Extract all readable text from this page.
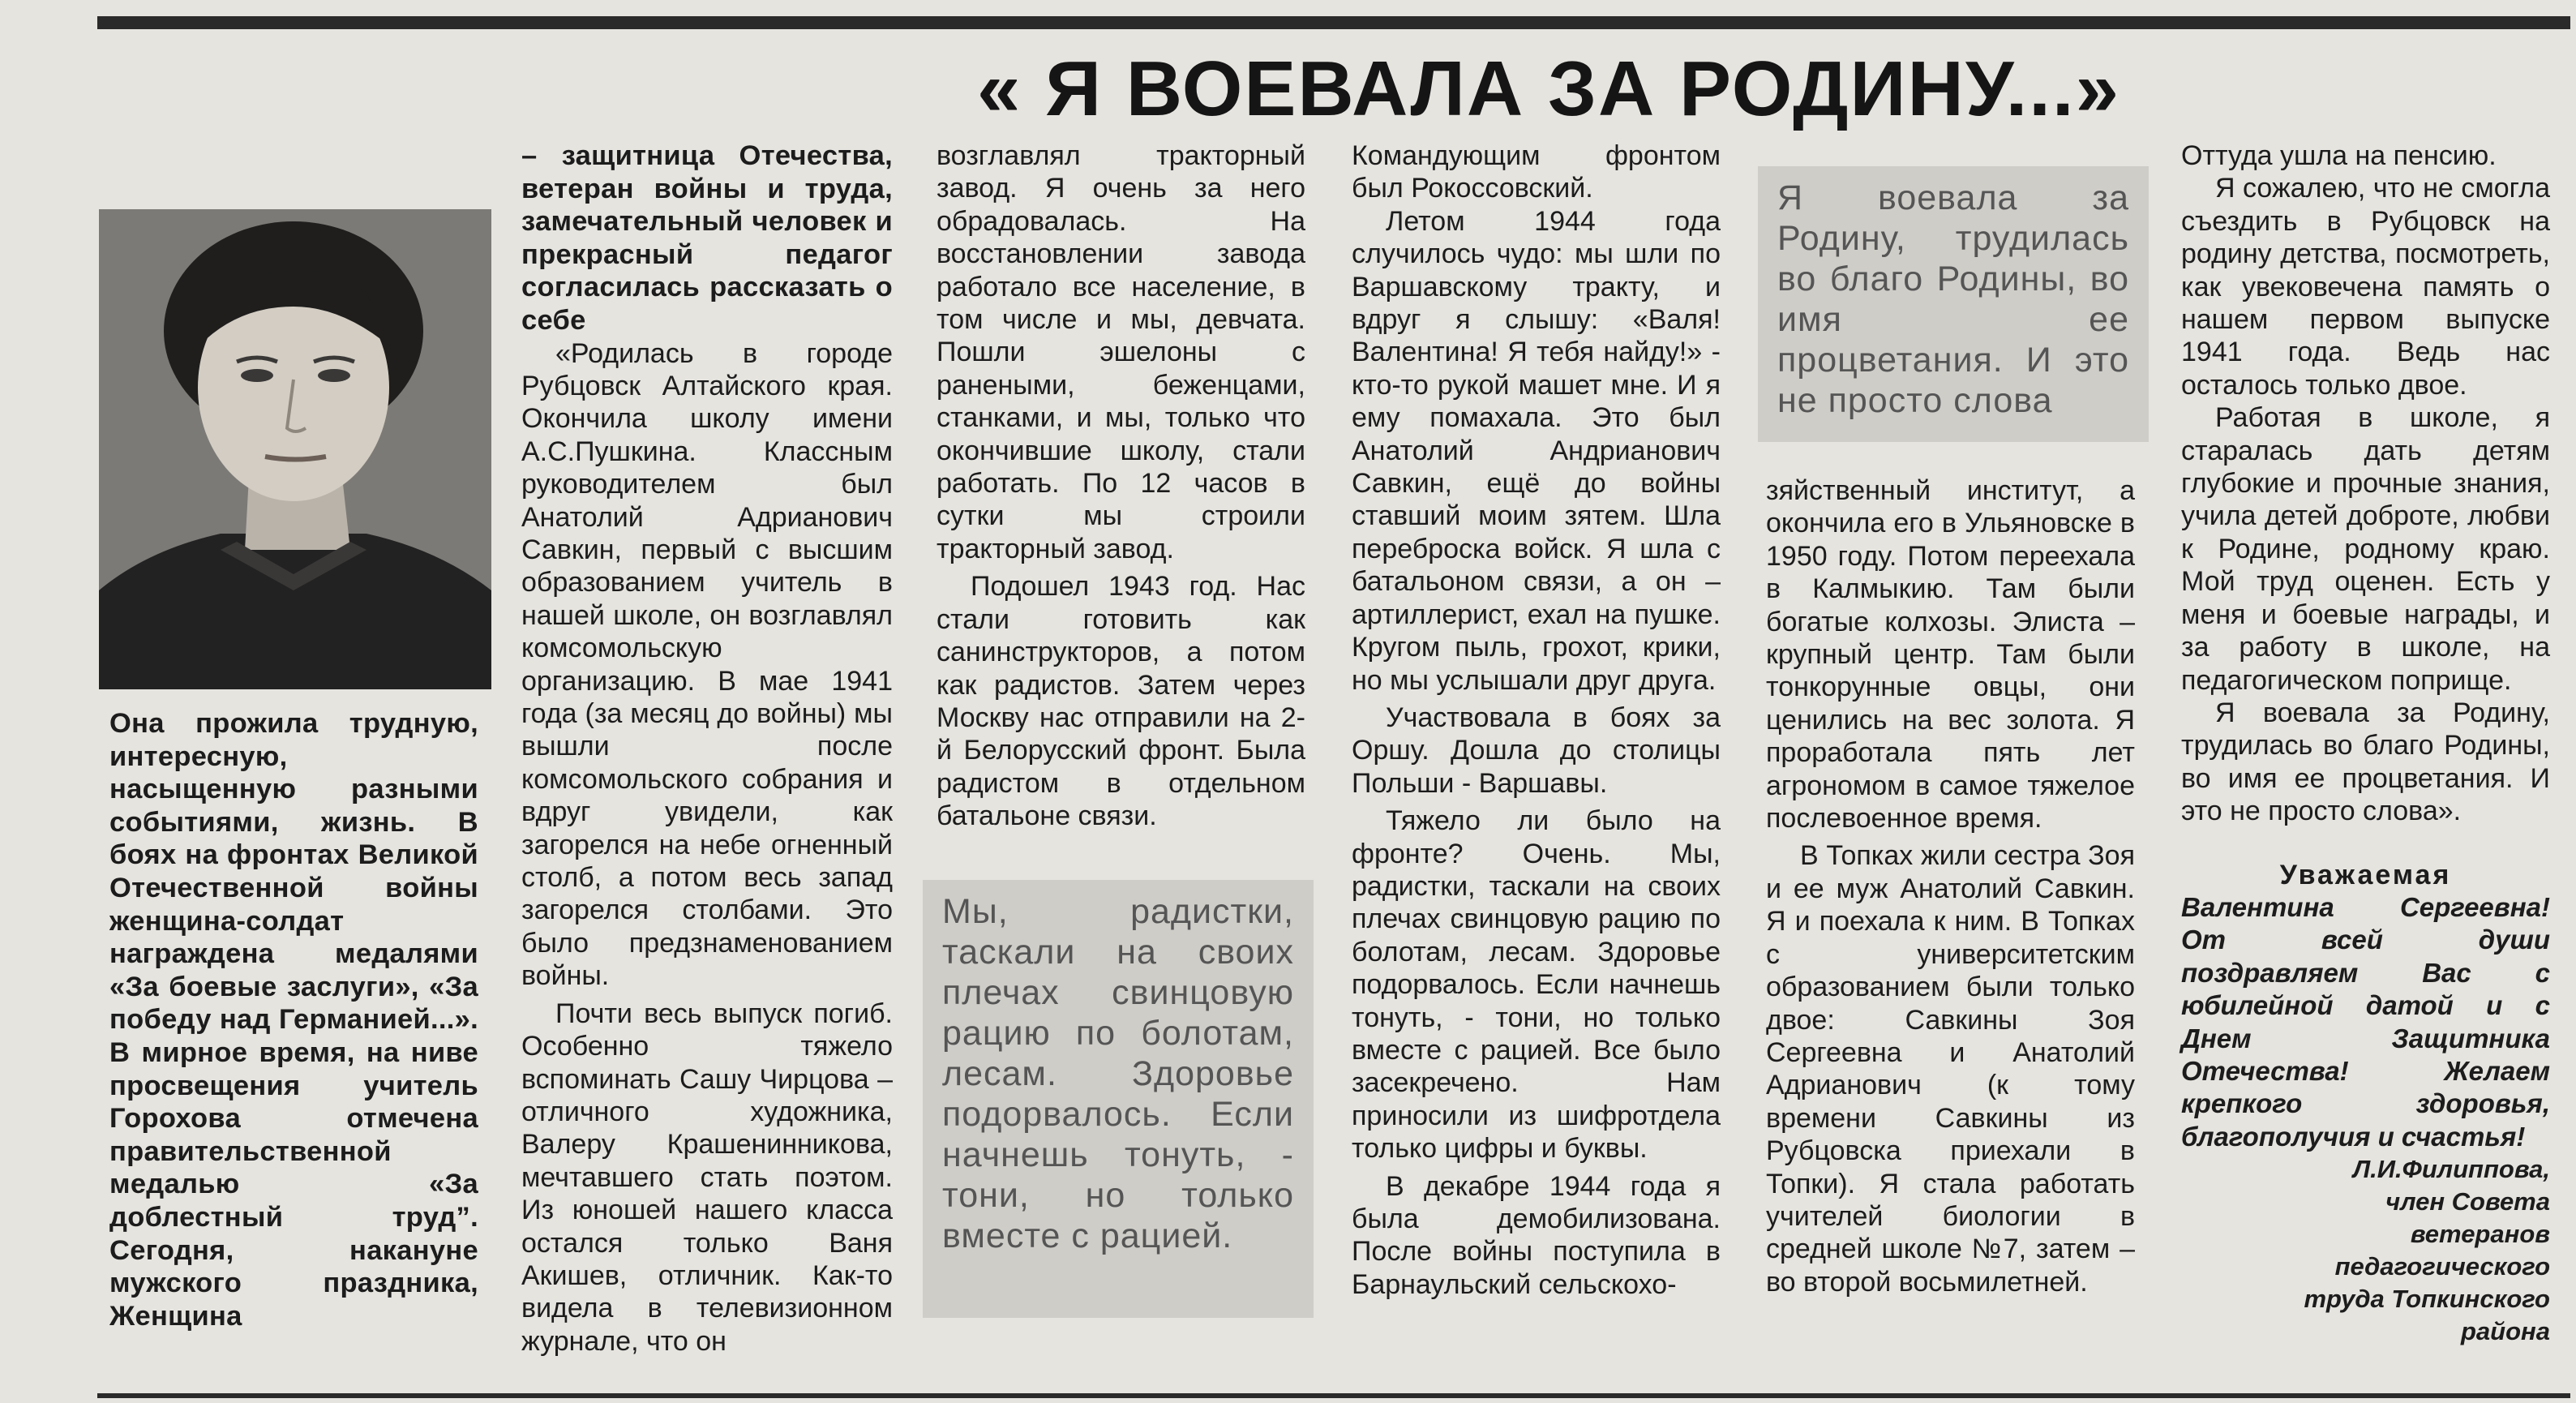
« Я ВОЕВАЛА ЗА РОДИНУ...»
Она прожила трудную, интересную, насыщенную разными событиями, жизнь. В боях на фронтах Великой Отечественной войны женщина-солдат награждена медалями «За боевые заслуги», «За победу над Германией...». В мирное время, на ниве просвещения учитель Горохова отмечена правительственной медалью «За доблестный труд”. Сегодня, накануне мужского праздника, Женщина

– защитница Отечества, ветеран войны и труда, замечательный человек и прекрасный педагог согласилась рассказать о себе

«Родилась в городе Рубцовск Алтайского края. Окончила школу имени А.С.Пушкина. Классным руководителем был Анатолий Адрианович Савкин, первый с высшим образованием учитель в нашей школе, он возглавлял комсомольскую организацию. В мае 1941 года (за месяц до войны) мы вышли после комсомольского собрания и вдруг увидели, как загорелся на небе огненный столб, а потом весь запад загорелся столбами. Это было предзнаменованием войны.

Почти весь выпуск погиб. Особенно тяжело вспоминать Сашу Чирцова – отличного художника, Валеру Крашенинникова, мечтавшего стать поэтом. Из юношей нашего класса остался только Ваня Акишев, отличник. Как-то видела в телевизионном журнале, что он

возглавлял тракторный завод. Я очень за него обрадовалась. На восстановлении завода работало все население, в том числе и мы, девчата. Пошли эшелоны с ранеными, беженцами, станками, и мы, только что окончившие школу, стали работать. По 12 часов в сутки мы строили тракторный завод.

Подошел 1943 год. Нас стали готовить как санинструкторов, а потом как радистов. Затем через Москву нас отправили на 2-й Белорусский фронт. Была радистом в отдельном батальоне связи.

Мы, радистки, таскали на своих плечах свинцовую рацию по болотам, лесам. Здоровье подорвалось. Если начнешь тонуть, - тони, но только вместе с рацией.

Командующим фронтом был Рокоссовский.

Летом 1944 года случилось чудо: мы шли по Варшавскому тракту, и вдруг я слышу: «Валя! Валентина! Я тебя найду!» - кто-то рукой машет мне. И я ему помахала. Это был Анатолий Андрианович Савкин, ещё до войны ставший моим зятем. Шла переброска войск. Я шла с батальоном связи, а он – артиллерист, ехал на пушке. Кругом пыль, грохот, крики, но мы услышали друг друга.

Участвовала в боях за Оршу. Дошла до столицы Польши - Варшавы.

Тяжело ли было на фронте? Очень. Мы, радистки, таскали на своих плечах свинцовую рацию по болотам, лесам. Здоровье подорвалось. Если начнешь тонуть, - тони, но только вместе с рацией. Все было засекречено. Нам приносили из шифротдела только цифры и буквы.

В декабре 1944 года я была демобилизована. После войны поступила в Барнаульский сельскохо-

Я воевала за Родину, трудилась во благо Родины, во имя ее процветания. И это не просто слова

зяйственный институт, а окончила его в Ульяновске в 1950 году. Потом переехала в Калмыкию. Там были богатые колхозы. Элиста – крупный центр. Там были тонкорунные овцы, они ценились на вес золота. Я проработала пять лет агрономом в самое тяжелое послевоенное время.

В Топках жили сестра Зоя и ее муж Анатолий Савкин. Я и поехала к ним. В Топках с университетским образованием были только двое: Савкины Зоя Сергеевна и Анатолий Адрианович (к тому времени Савкины из Рубцовска приехали в Топки). Я стала работать учителей биологии в средней школе №7, затем – во второй восьмилетней.

Оттуда ушла на пенсию.

Я сожалею, что не смогла съездить в Рубцовск на родину детства, посмотреть, как увековечена память о нашем первом выпуске 1941 года. Ведь нас осталось только двое.

Работая в школе, я старалась дать детям глубокие и прочные знания, учила детей доброте, любви к Родине, родному краю. Мой труд оценен. Есть у меня и боевые награды, и за работу в школе, на педагогическом поприще.

Я воевала за Родину, трудилась во благо Родины, во имя ее процветания. И это не просто слова».

Уважаемая

Валентина Сергеевна!

От всей души поздравляем Вас с юбилейной датой и с Днем Защитника Отечества! Желаем крепкого здоровья, благополучия и счастья!

Л.И.Филиппова,

член Совета ветеранов педагогического труда Топкинского района
